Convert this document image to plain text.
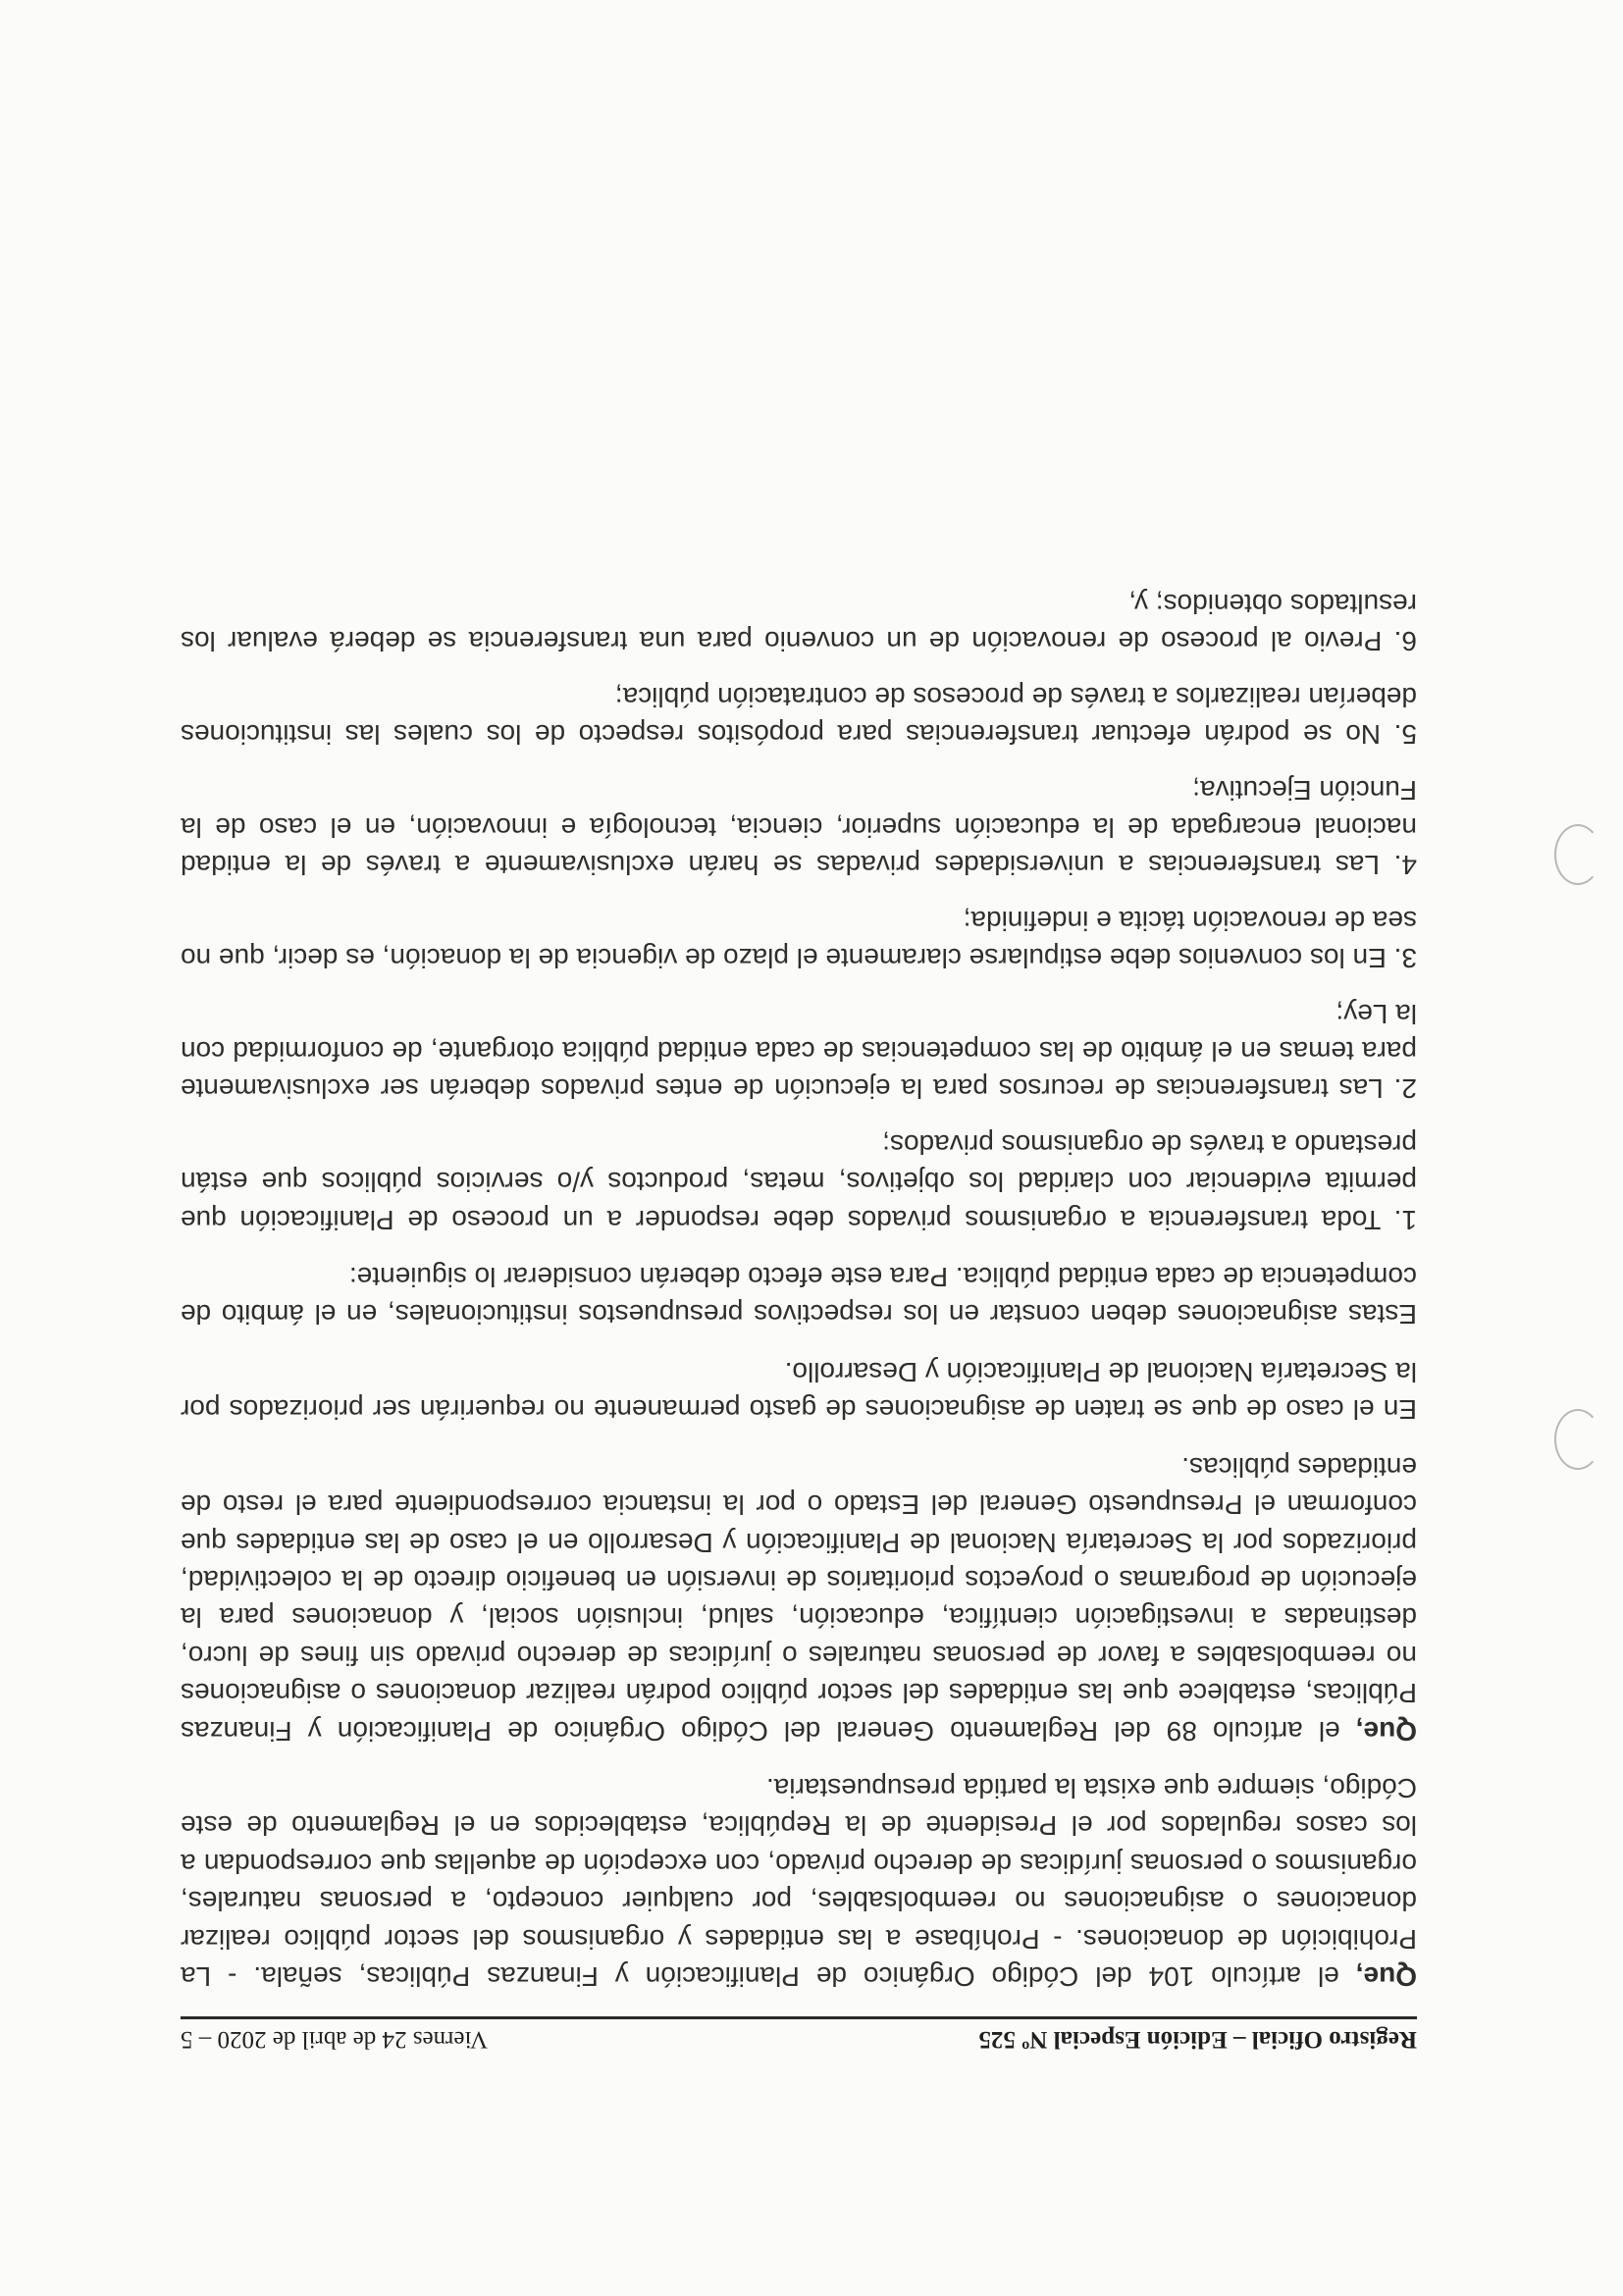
Registro Oficial – Edición Especial Nº 525
Viernes 24 de abril de 2020 – 5

Que, el artículo 104 del Código Orgánico de Planificación y Finanzas Públicas, señala. - La Prohibición de donaciones. - Prohíbase a las entidades y organismos del sector público realizar donaciones o asignaciones no reembolsables, por cualquier concepto, a personas naturales, organismos o personas jurídicas de derecho privado, con excepción de aquellas que correspondan a los casos regulados por el Presidente de la República, establecidos en el Reglamento de este Código, siempre que exista la partida presupuestaria.

Que, el artículo 89 del Reglamento General del Código Orgánico de Planificación y Finanzas Públicas, establece que las entidades del sector público podrán realizar donaciones o asignaciones no reembolsables a favor de personas naturales o jurídicas de derecho privado sin fines de lucro, destinadas a investigación científica, educación, salud, inclusión social, y donaciones para la ejecución de programas o proyectos prioritarios de inversión en beneficio directo de la colectividad, priorizados por la Secretaría Nacional de Planificación y Desarrollo en el caso de las entidades que conforman el Presupuesto General del Estado o por la instancia correspondiente para el resto de entidades públicas.

En el caso de que se traten de asignaciones de gasto permanente no requerirán ser priorizados por la Secretaría Nacional de Planificación y Desarrollo.

Estas asignaciones deben constar en los respectivos presupuestos institucionales, en el ámbito de competencia de cada entidad pública. Para este efecto deberán considerar lo siguiente:

1. Toda transferencia a organismos privados debe responder a un proceso de Planificación que permita evidenciar con claridad los objetivos, metas, productos y/o servicios públicos que están prestando a través de organismos privados;

2. Las transferencias de recursos para la ejecución de entes privados deberán ser exclusivamente para temas en el ámbito de las competencias de cada entidad pública otorgante, de conformidad con la Ley;

3. En los convenios debe estipularse claramente el plazo de vigencia de la donación, es decir, que no sea de renovación tácita e indefinida;

4. Las transferencias a universidades privadas se harán exclusivamente a través de la entidad nacional encargada de la educación superior, ciencia, tecnología e innovación, en el caso de la Función Ejecutiva;

5. No se podrán efectuar transferencias para propósitos respecto de los cuales las instituciones deberían realizarlos a través de procesos de contratación pública;

6. Previo al proceso de renovación de un convenio para una transferencia se deberá evaluar los resultados obtenidos; y,
